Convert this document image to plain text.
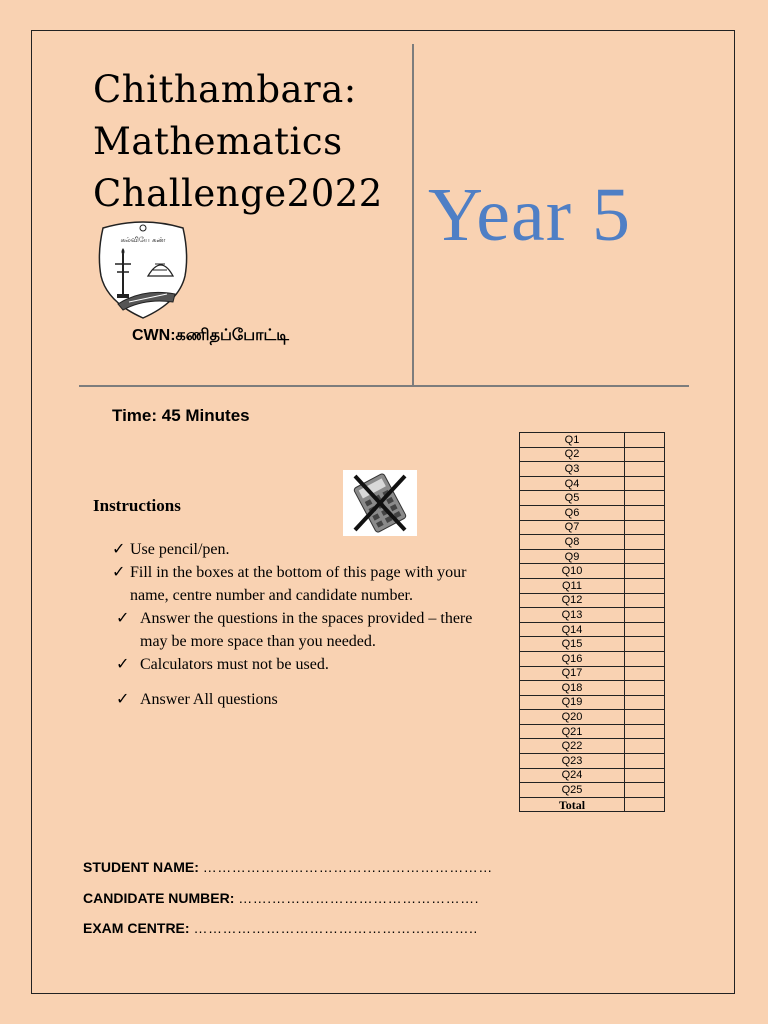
Chithambara:
Mathematics
Challenge2022 Year 5
கல்வியே கண்
CWN:கணிதப்போட்டி
Time: 45 Minutes
Instructions
✓ Use pencil/pen.
✓ Fill in the boxes at the bottom of this page with your name, centre number and candidate number.
✓ Answer the questions in the spaces provided – there may be more space than you needed.
✓ Calculators must not be used.
✓ Answer All questions
Q1	
Q2	
Q3	
Q4	
Q5	
Q6	
Q7	
Q8	
Q9	
Q10	
Q11	
Q12	
Q13	
Q14	
Q15	
Q16	
Q17	
Q18	
Q19	
Q20	
Q21	
Q22	
Q23	
Q24	
Q25	
Total	
STUDENT NAME: ……………………………………………………
CANDIDATE NUMBER: …….…………………………………….
EXAM CENTRE: …………………………………………………..
